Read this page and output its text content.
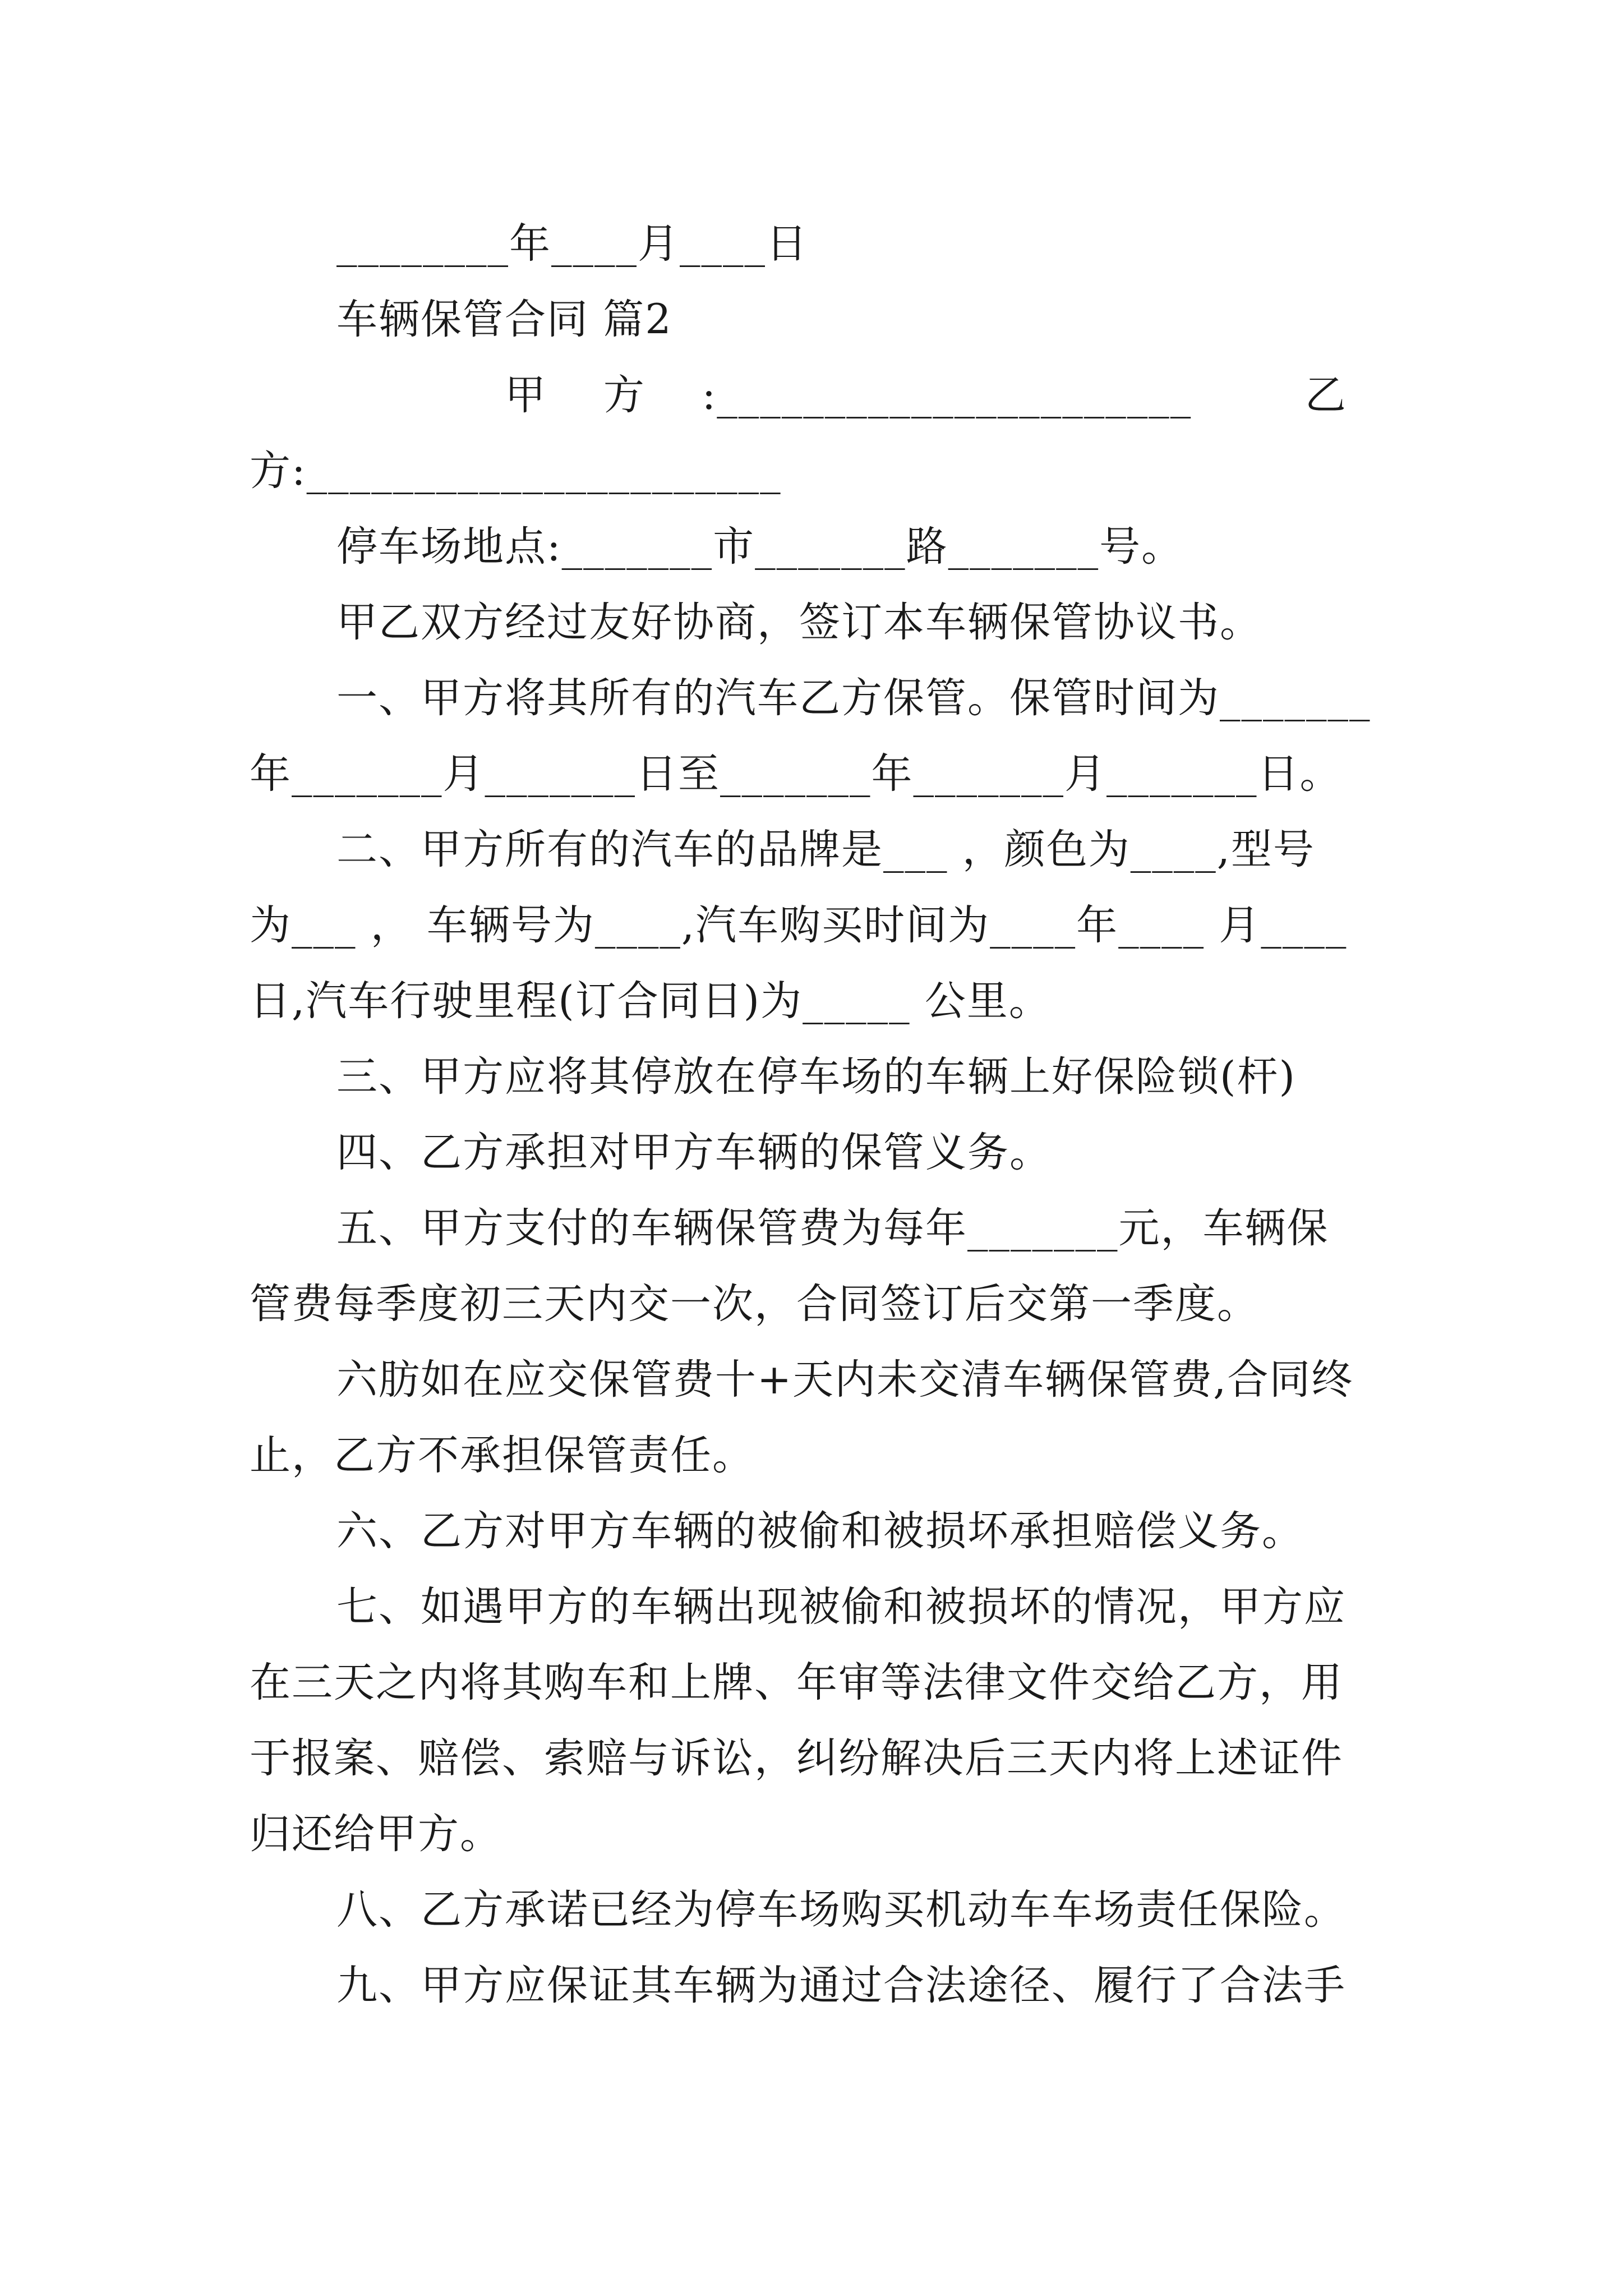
________年____月____日
车辆保管合同 篇2
甲    方    :______________________        乙
方:______________________
停车场地点:_______市_______路_______号。
甲乙双方经过友好协商，签订本车辆保管协议书。
一、甲方将其所有的汽车乙方保管。保管时间为_______
年_______月_______日至_______年_______月_______日。
二、甲方所有的汽车的品牌是___ ，颜色为____,型号
为___ ， 车辆号为____,汽车购买时间为____年____ 月____
日,汽车行驶里程(订合同日)为_____ 公里。
三、甲方应将其停放在停车场的车辆上好保险锁(杆)
四、乙方承担对甲方车辆的保管义务。
五、甲方支付的车辆保管费为每年_______元，车辆保
管费每季度初三天内交一次，合同签订后交第一季度。
六肪如在应交保管费十+天内未交清车辆保管费,合同终
止，乙方不承担保管责任。
六、乙方对甲方车辆的被偷和被损坏承担赔偿义务。
七、如遇甲方的车辆出现被偷和被损坏的情况，甲方应
在三天之内将其购车和上牌、年审等法律文件交给乙方，用
于报案、赔偿、索赔与诉讼，纠纷解决后三天内将上述证件
归还给甲方。
八、乙方承诺已经为停车场购买机动车车场责任保险。
九、甲方应保证其车辆为通过合法途径、履行了合法手
